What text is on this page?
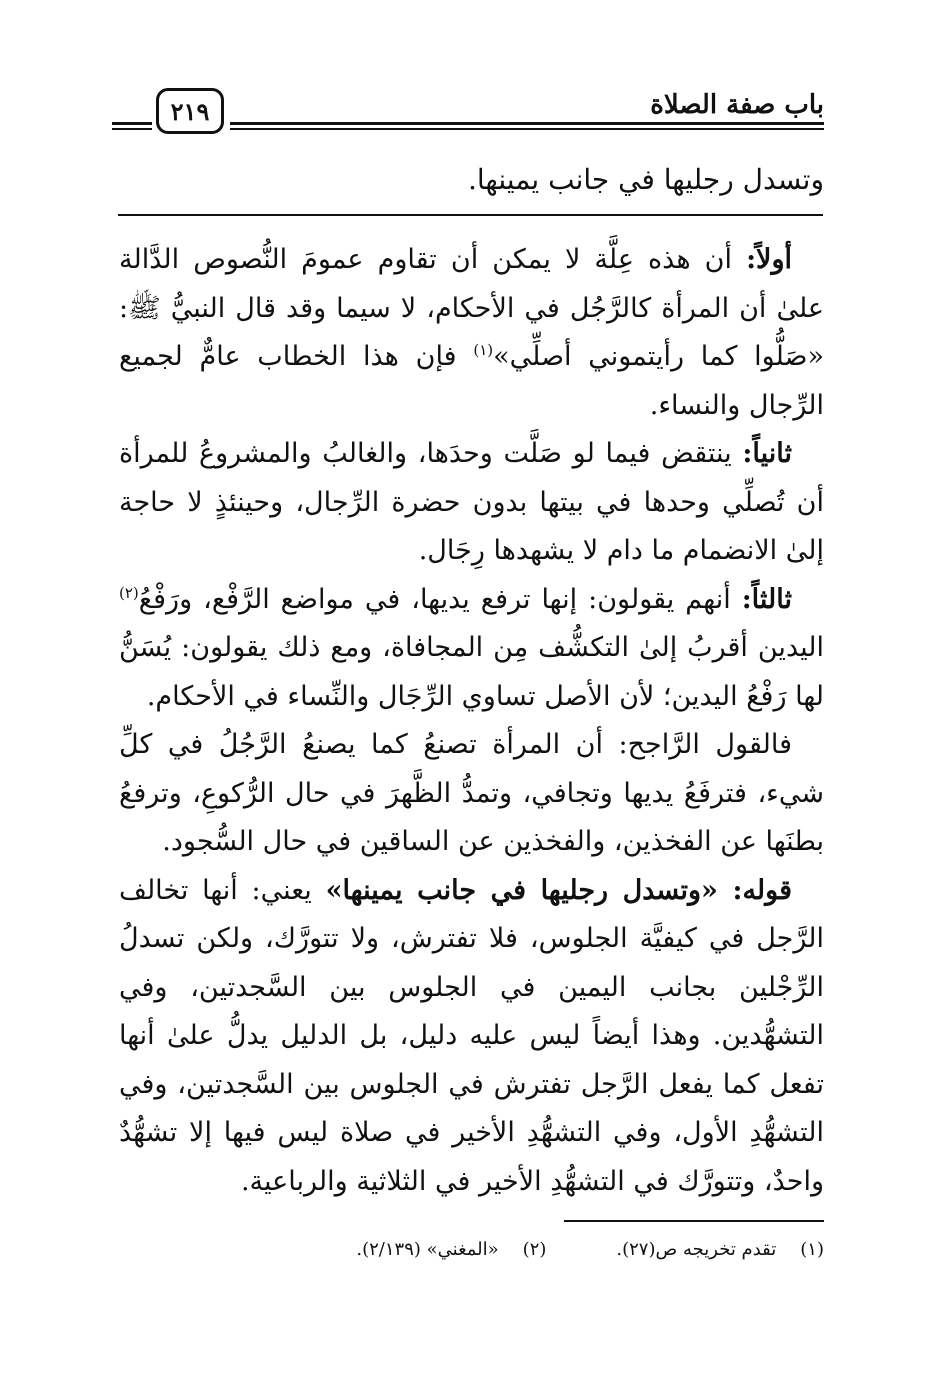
باب صفة الصلاة
٢١٩
وتسدل رجليها في جانب يمينها.

أولاً: أن هذه عِلَّة لا يمكن أن تقاوم عمومَ النُّصوص الدَّالة علىٰ أن المرأة كالرَّجُل في الأحكام، لا سيما وقد قال النبيُّ ﷺ: «صَلُّوا كما رأيتموني أصلِّي»$^{(١)}$ فإن هذا الخطاب عامٌّ لجميع الرِّجال والنساء.

ثانياً: ينتقض فيما لو صَلَّت وحدَها، والغالبُ والمشروعُ للمرأة أن تُصلِّي وحدها في بيتها بدون حضرة الرِّجال، وحينئذٍ لا حاجة إلىٰ الانضمام ما دام لا يشهدها رِجَال.

ثالثاً: أنهم يقولون: إنها ترفع يديها، في مواضع الرَّفْع، ورَفْعُ$^{(٢)}$ اليدين أقربُ إلىٰ التكشُّف مِن المجافاة، ومع ذلك يقولون: يُسَنُّ لها رَفْعُ اليدين؛ لأن الأصل تساوي الرِّجَال والنِّساء في الأحكام.

فالقول الرَّاجح: أن المرأة تصنعُ كما يصنعُ الرَّجُلُ في كلِّ شيء، فترفَعُ يديها وتجافي، وتمدُّ الظَّهرَ في حال الرُّكوعِ، وترفعُ بطنَها عن الفخذين، والفخذين عن الساقين في حال السُّجود.

قوله: «وتسدل رجليها في جانب يمينها» يعني: أنها تخالف الرَّجل في كيفيَّة الجلوس، فلا تفترش، ولا تتورَّك، ولكن تسدلُ الرِّجْلين بجانب اليمين في الجلوس بين السَّجدتين، وفي التشهُّدين. وهذا أيضاً ليس عليه دليل، بل الدليل يدلُّ علىٰ أنها تفعل كما يفعل الرَّجل تفترش في الجلوس بين السَّجدتين، وفي التشهُّدِ الأول، وفي التشهُّدِ الأخير في صلاة ليس فيها إلا تشهُّدٌ واحدٌ، وتتورَّك في التشهُّدِ الأخير في الثلاثية والرباعية.

(١)تقدم تخريجه ص(٢٧).
(٢)«المغني» (٢/١٣٩).
